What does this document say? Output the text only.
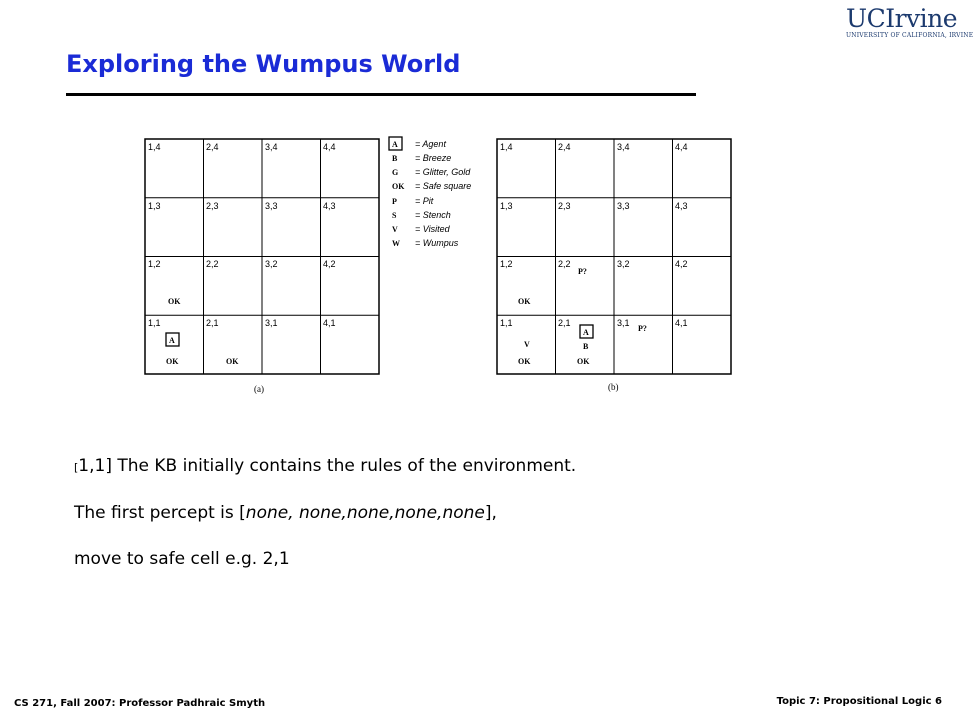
UCIrvine
UNIVERSITY OF CALIFORNIA, IRVINE
Exploring the Wumpus World
1,4	2,4	3,4	4,4
1,3	2,3	3,3	4,3
1,2	2,2	3,2	4,2
1,1	2,1	3,1	4,1
OK
A
OK	OK
(a)
A = Agent
B = Breeze
G = Glitter, Gold
OK = Safe square
P = Pit
S = Stench
V = Visited
W = Wumpus
1,4	2,4	3,4	4,4
1,3	2,3	3,3	4,3
1,2	2,2	3,2	4,2
1,1	2,1	3,1	4,1
P?
OK
V
OK
A
B
OK
P?
(b)
[1,1] The KB initially contains the rules of the environment.
The first percept is [none, none,none,none,none],
move to safe cell e.g. 2,1
CS 271, Fall 2007: Professor Padhraic Smyth	Topic 7: Propositional Logic 6
